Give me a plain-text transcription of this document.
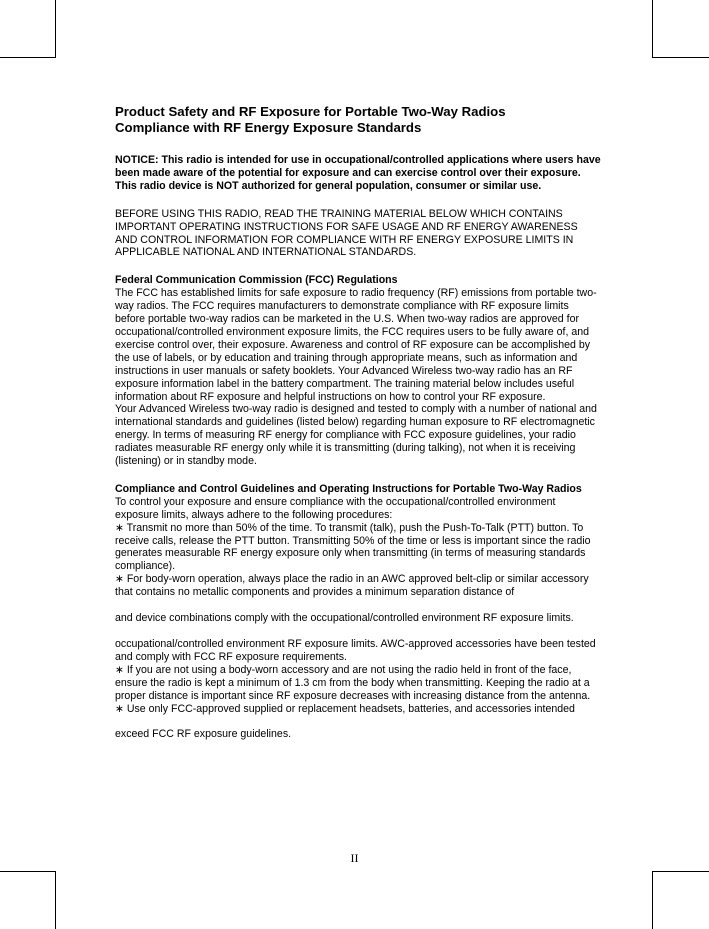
Product Safety and RF Exposure for Portable Two-Way Radios

Compliance with RF Energy Exposure Standards

NOTICE: This radio is intended for use in occupational/controlled applications where users have been made aware of the potential for exposure and can exercise control over their exposure. This radio device is NOT authorized for general population, consumer or similar use.

BEFORE USING THIS RADIO, READ THE TRAINING MATERIAL BELOW WHICH CONTAINS IMPORTANT OPERATING INSTRUCTIONS FOR SAFE USAGE AND RF ENERGY AWARENESS AND CONTROL INFORMATION FOR COMPLIANCE WITH RF ENERGY EXPOSURE LIMITS IN APPLICABLE NATIONAL AND INTERNATIONAL STANDARDS.

Federal Communication Commission (FCC) Regulations

The FCC has established limits for safe exposure to radio frequency (RF) emissions from portable two-way radios. The FCC requires manufacturers to demonstrate compliance with RF exposure limits before portable two-way radios can be marketed in the U.S. When two-way radios are approved for occupational/controlled environment exposure limits, the FCC requires users to be fully aware of, and exercise control over, their exposure. Awareness and control of RF exposure can be accomplished by the use of labels, or by education and training through appropriate means, such as information and instructions in user manuals or safety booklets. Your Advanced Wireless two-way radio has an RF exposure information label in the battery compartment. The training material below includes useful information about RF exposure and helpful instructions on how to control your RF exposure.

Your Advanced Wireless two-way radio is designed and tested to comply with a number of national and international standards and guidelines (listed below) regarding human exposure to RF electromagnetic energy. In terms of measuring RF energy for compliance with FCC exposure guidelines, your radio radiates measurable RF energy only while it is transmitting (during talking), not when it is receiving (listening) or in standby mode.

Compliance and Control Guidelines and Operating Instructions for Portable Two-Way Radios

To control your exposure and ensure compliance with the occupational/controlled environment exposure limits, always adhere to the following procedures:

∗ Transmit no more than 50% of the time. To transmit (talk), push the Push-To-Talk (PTT) button. To receive calls, release the PTT button. Transmitting 50% of the time or less is important since the radio generates measurable RF energy exposure only when transmitting (in terms of measuring standards compliance).

∗ For body-worn operation, always place the radio in an AWC approved belt-clip or similar accessory that contains no metallic components and provides a minimum separation distance of

and device combinations comply with the occupational/controlled environment RF exposure limits.

occupational/controlled environment RF exposure limits. AWC-approved accessories have been tested and comply with FCC RF exposure requirements.

∗ If you are not using a body-worn accessory and are not using the radio held in front of the face, ensure the radio is kept a minimum of 1.3 cm from the body when transmitting. Keeping the radio at a proper distance is important since RF exposure decreases with increasing distance from the antenna.

∗ Use only FCC-approved supplied or replacement headsets, batteries, and accessories intended

exceed FCC RF exposure guidelines.

II
